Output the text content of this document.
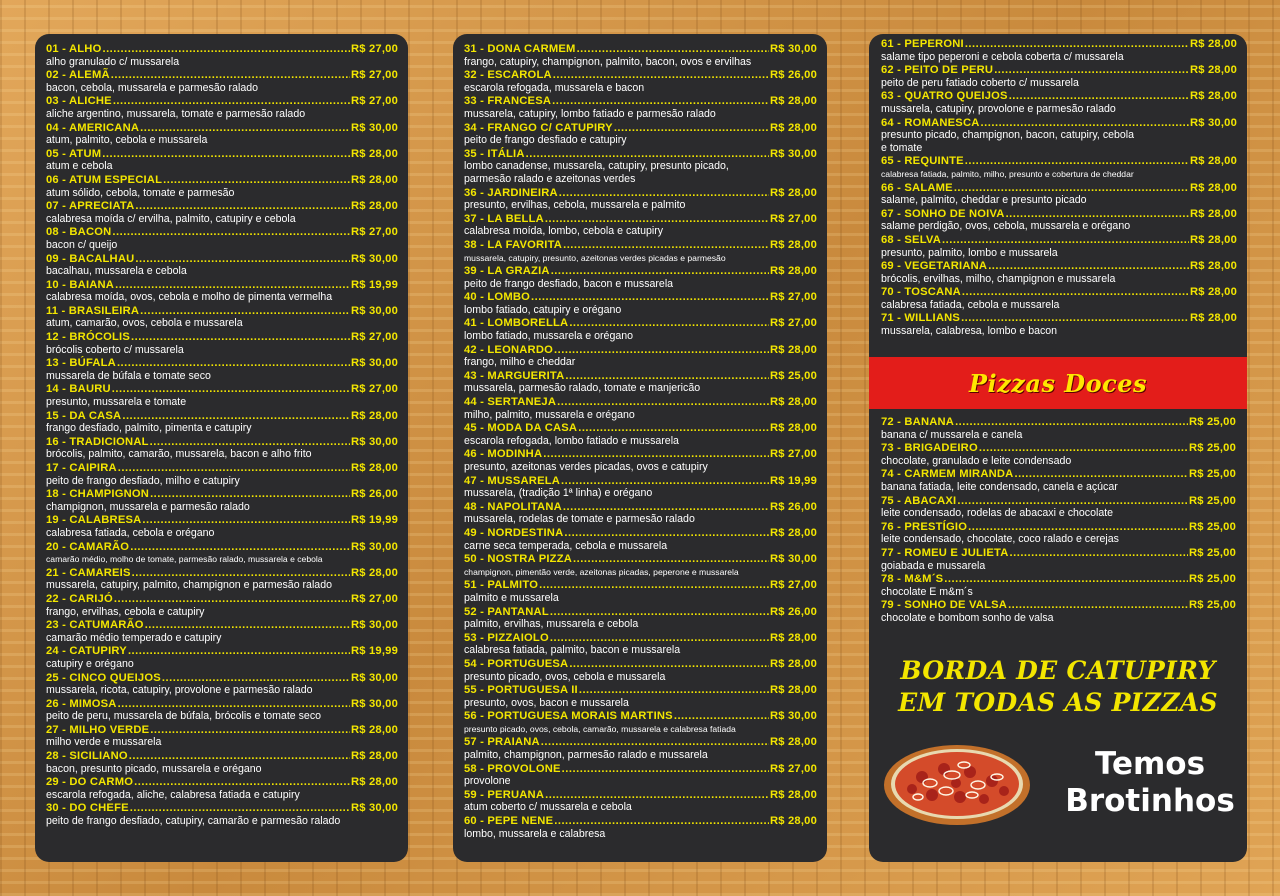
01 - ALHO .....	R$ 27,00
alho granulado c/ mussarela
02 - ALEMÃ .....	R$ 27,00
bacon, cebola, mussarela e parmesão ralado
03 - ALICHE .....	R$ 27,00
aliche argentino, mussarela, tomate e parmesão ralado
04 - AMERICANA .....	R$ 30,00
atum, palmito, cebola e mussarela
05 - ATUM .....	R$ 28,00
atum e cebola
06 - ATUM ESPECIAL .....	R$ 28,00
atum sólido, cebola, tomate e parmesão
07 - APRECIATA .....	R$ 28,00
calabresa moída c/ ervilha, palmito, catupiry e cebola
08 - BACON .....	R$ 27,00
bacon c/ queijo
09 - BACALHAU .....	R$ 30,00
bacalhau, mussarela e cebola
10 - BAIANA .....	R$ 19,99
calabresa moída, ovos, cebola e molho de pimenta vermelha
11 - BRASILEIRA .....	R$ 30,00
atum, camarão, ovos, cebola e mussarela
12 - BRÓCOLIS .....	R$ 27,00
brócolis coberto c/ mussarela
13 - BÚFALA .....	R$ 30,00
mussarela de búfala e tomate seco
14 - BAURU .....	R$ 27,00
presunto, mussarela e tomate
15 - DA CASA .....	R$ 28,00
frango desfiado, palmito, pimenta e catupiry
16 - TRADICIONAL .....	R$ 30,00
brócolis, palmito, camarão, mussarela, bacon e alho frito
17 - CAIPIRA .....	R$ 28,00
peito de frango desfiado, milho e catupiry
18 - CHAMPIGNON .....	R$ 26,00
champignon, mussarela e parmesão ralado
19 - CALABRESA .....	R$ 19,99
calabresa fatiada, cebola e orégano
20 - CAMARÃO .....	R$ 30,00
camarão médio, molho de tomate, parmesão ralado, mussarela e cebola
21 - CAMAREIS .....	R$ 28,00
mussarela, catupiry, palmito, champignon e parmesão ralado
22 - CARIJÓ .....	R$ 27,00
frango, ervilhas, cebola e catupiry
23 - CATUMARÃO .....	R$ 30,00
camarão médio temperado e catupiry
24 - CATUPIRY .....	R$ 19,99
catupiry e orégano
25 - CINCO QUEIJOS .....	R$ 30,00
mussarela, ricota, catupiry, provolone e parmesão ralado
26 - MIMOSA .....	R$ 30,00
peito de peru, mussarela de búfala, brócolis e tomate seco
27 - MILHO VERDE .....	R$ 28,00
milho verde e mussarela
28 - SICILIANO .....	R$ 28,00
bacon, presunto picado, mussarela e orégano
29 - DO CARMO .....	R$ 28,00
escarola refogada, aliche, calabresa fatiada e catupiry
30 - DO CHEFE .....	R$ 30,00
peito de frango desfiado, catupiry, camarão e parmesão ralado
31 - DONA CARMEM .....	R$ 30,00
frango, catupiry, champignon, palmito, bacon, ovos e ervilhas
32 - ESCAROLA .....	R$ 26,00
escarola refogada, mussarela e bacon
33 - FRANCESA .....	R$ 28,00
mussarela, catupiry, lombo fatiado e parmesão ralado
34 - FRANGO C/ CATUPIRY .....	R$ 28,00
peito de frango desfiado e catupiry
35 - ITÁLIA .....	R$ 30,00
lombo canadense, mussarela, catupiry, presunto picado,
parmesão ralado e azeitonas verdes
36 - JARDINEIRA .....	R$ 28,00
presunto, ervilhas, cebola, mussarela e palmito
37 - LA BELLA .....	R$ 27,00
calabresa moída, lombo, cebola e catupiry
38 - LA FAVORITA .....	R$ 28,00
mussarela, catupiry, presunto, azeitonas verdes picadas e parmesão
39 - LA GRAZIA .....	R$ 28,00
peito de frango desfiado, bacon e mussarela
40 - LOMBO .....	R$ 27,00
lombo fatiado, catupiry e orégano
41 - LOMBORELLA .....	R$ 27,00
lombo fatiado, mussarela e orégano
42 - LEONARDO .....	R$ 28,00
frango, milho e cheddar
43 - MARGUERITA .....	R$ 25,00
mussarela, parmesão ralado, tomate e manjericão
44 - SERTANEJA .....	R$ 28,00
milho, palmito, mussarela e orégano
45 - MODA DA CASA .....	R$ 28,00
escarola refogada, lombo fatiado e mussarela
46 - MODINHA .....	R$ 27,00
presunto, azeitonas verdes picadas, ovos e catupiry
47 - MUSSARELA .....	R$ 19,99
mussarela, (tradição 1ª linha) e orégano
48 - NAPOLITANA .....	R$ 26,00
mussarela, rodelas de tomate e parmesão ralado
49 - NORDESTINA .....	R$ 28,00
carne seca temperada, cebola e mussarela
50 - NOSTRA PIZZA .....	R$ 30,00
champignon, pimentão verde, azeitonas picadas, peperone e mussarela
51 - PALMITO .....	R$ 27,00
palmito e mussarela
52 - PANTANAL .....	R$ 26,00
palmito, ervilhas, mussarela e cebola
53 - PIZZAIOLO .....	R$ 28,00
calabresa fatiada, palmito, bacon e mussarela
54 - PORTUGUESA .....	R$ 28,00
presunto picado, ovos, cebola e mussarela
55 - PORTUGUESA II .....	R$ 28,00
presunto, ovos, bacon e mussarela
56 - PORTUGUESA MORAIS MARTINS .....	R$ 30,00
presunto picado, ovos, cebola, camarão, mussarela e calabresa fatiada
57 - PRAIANA .....	R$ 28,00
palmito, champignon, parmesão ralado e mussarela
58 - PROVOLONE .....	R$ 27,00
provolone
59 - PERUANA .....	R$ 28,00
atum coberto c/ mussarela e cebola
60 - PEPE NENE .....	R$ 28,00
lombo, mussarela e calabresa
61 - PEPERONI .....	R$ 28,00
salame tipo peperoni e cebola coberta c/ mussarela
62 - PEITO DE PERU .....	R$ 28,00
peito de peru fatiado coberto c/ mussarela
63 - QUATRO QUEIJOS .....	R$ 28,00
mussarela, catupiry, provolone e parmesão ralado
64 - ROMANESCA .....	R$ 30,00
presunto picado, champignon, bacon, catupiry, cebola
e tomate
65 - REQUINTE .....	R$ 28,00
calabresa fatiada, palmito, milho, presunto e cobertura de cheddar
66 - SALAME .....	R$ 28,00
salame, palmito, cheddar e presunto picado
67 - SONHO DE NOIVA .....	R$ 28,00
salame perdigão, ovos, cebola, mussarela e orégano
68 - SELVA .....	R$ 28,00
presunto, palmito, lombo e mussarela
69 - VEGETARIANA .....	R$ 28,00
brócolis, ervilhas, milho, champignon e mussarela
70 - TOSCANA .....	R$ 28,00
calabresa fatiada, cebola e mussarela
71 - WILLIANS .....	R$ 28,00
mussarela, calabresa, lombo e bacon
Pizzas Doces
72 - BANANA .....	R$ 25,00
banana c/ mussarela e canela
73 - BRIGADEIRO .....	R$ 25,00
chocolate, granulado e leite condensado
74 - CARMEM MIRANDA .....	R$ 25,00
banana fatiada, leite condensado, canela e açúcar
75 - ABACAXI .....	R$ 25,00
leite condensado, rodelas de abacaxi e chocolate
76 - PRESTÍGIO .....	R$ 25,00
leite condensado, chocolate, coco ralado e cerejas
77 - ROMEU E JULIETA .....	R$ 25,00
goiabada e mussarela
78 - M&M´S .....	R$ 25,00
chocolate E m&m´s
79 - SONHO DE VALSA .....	R$ 25,00
chocolate e bombom sonho de valsa
BORDA DE CATUPIRY
EM TODAS AS PIZZAS
Temos
Brotinhos
